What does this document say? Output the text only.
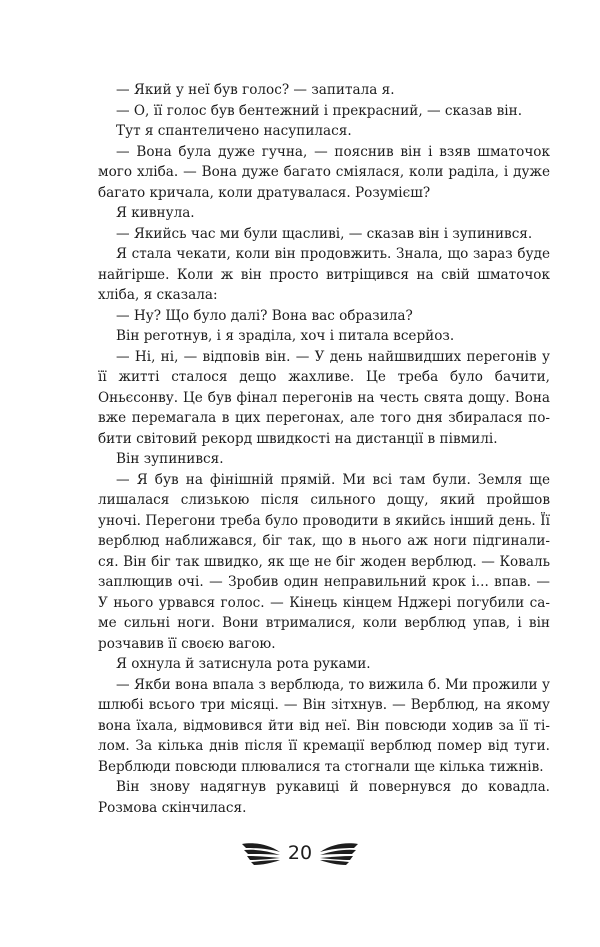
— Який у неї був голос? — запитала я.

— О, її голос був бентежний і прекрасний, — сказав він.

Тут я спантеличено насупилася.

— Вона була дуже гучна, — пояснив він і взяв шматочок мого хліба. — Вона дуже багато сміялася, коли раділа, і дуже багато кричала, коли дратувалася. Розумієш?

Я кивнула.

— Якийсь час ми були щасливі, — сказав він і зупинився.

Я стала чекати, коли він продовжить. Знала, що зараз буде найгірше. Коли ж він просто витріщився на свій шматочок хліба, я сказала:

— Ну? Що було далі? Вона вас образила?

Він реготнув, і я зраділа, хоч і питала всерйоз.

— Ні, ні, — відповів він. — У день найшвидших перегонів у її житті сталося дещо жахливе. Це треба було бачити, Оньєсонву. Це був фінал перегонів на честь свята дощу. Вона вже перемагала в цих перегонах, але того дня збиралася побити світовий рекорд швидкості на дистанції в півмилі.

Він зупинився.

— Я був на фінішній прямій. Ми всі там були. Земля ще лишалася слизькою після сильного дощу, який пройшов уночі. Перегони треба було проводити в якийсь інший день. Її верблюд наближався, біг так, що в нього аж ноги підгиналися. Він біг так швидко, як ще не біг жоден верблюд. — Коваль заплющив очі. — Зробив один неправильний крок і... впав. — У нього урвався голос. — Кінець кінцем Нджері погубили саме сильні ноги. Вони втрималися, коли верблюд упав, і він розчавив її своєю вагою.

Я охнула й затиснула рота руками.

— Якби вона впала з верблюда, то вижила б. Ми прожили у шлюбі всього три місяці. — Він зітхнув. — Верблюд, на якому вона їхала, відмовився йти від неї. Він повсюди ходив за її тілом. За кілька днів після її кремації верблюд помер від туги. Верблюди повсюди плювалися та стогнали ще кілька тижнів.

Він знову надягнув рукавиці й повернувся до ковадла. Розмова скінчилася.

20
